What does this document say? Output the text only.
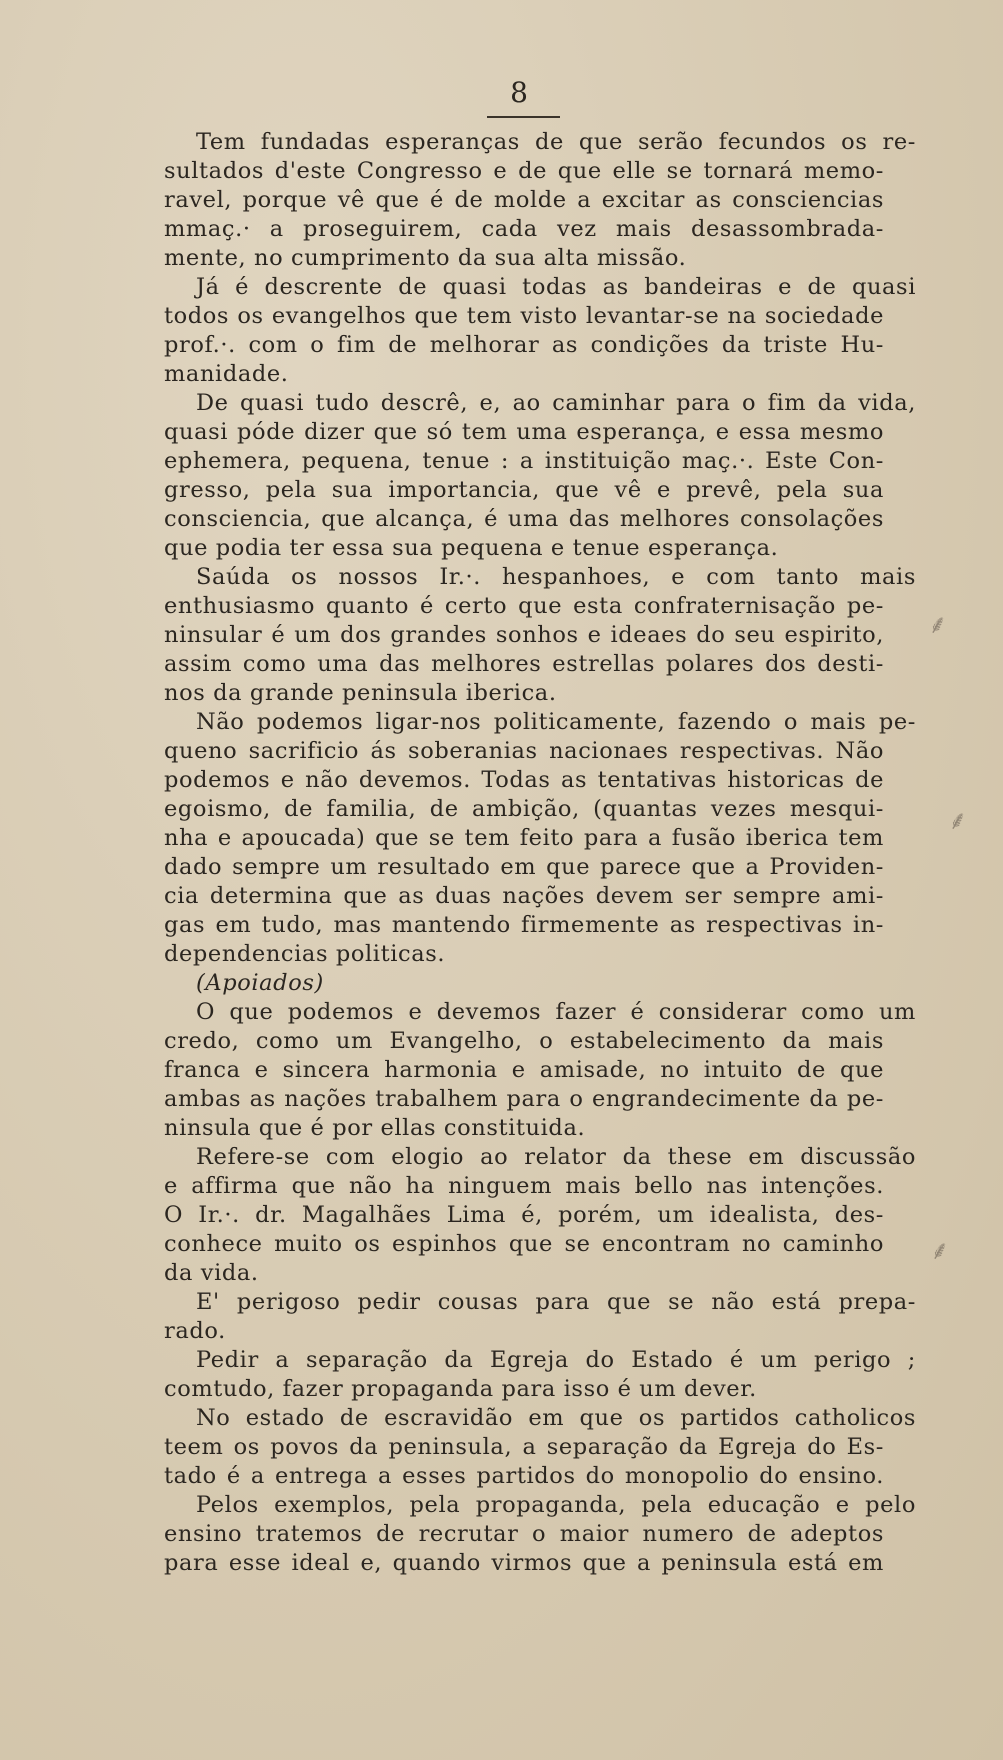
8
Tem fundadas esperanças de que serão fecundos os re-
sultados d'este Congresso e de que elle se tornará memo-
ravel, porque vê que é de molde a excitar as consciencias
mmaç.· a proseguirem, cada vez mais desassombrada-
mente, no cumprimento da sua alta missão.
Já é descrente de quasi todas as bandeiras e de quasi
todos os evangelhos que tem visto levantar-se na sociedade
prof.·. com o fim de melhorar as condições da triste Hu-
manidade.
De quasi tudo descrê, e, ao caminhar para o fim da vida,
quasi póde dizer que só tem uma esperança, e essa mesmo
ephemera, pequena, tenue : a instituição maç.·. Este Con-
gresso, pela sua importancia, que vê e prevê, pela sua
consciencia, que alcança, é uma das melhores consolações
que podia ter essa sua pequena e tenue esperança.
Saúda os nossos Ir.·. hespanhoes, e com tanto mais
enthusiasmo quanto é certo que esta confraternisação pe-
ninsular é um dos grandes sonhos e ideaes do seu espirito,
assim como uma das melhores estrellas polares dos desti-
nos da grande peninsula iberica.
Não podemos ligar-nos politicamente, fazendo o mais pe-
queno sacrificio ás soberanias nacionaes respectivas. Não
podemos e não devemos. Todas as tentativas historicas de
egoismo, de familia, de ambição, (quantas vezes mesqui-
nha e apoucada) que se tem feito para a fusão iberica tem
dado sempre um resultado em que parece que a Providen-
cia determina que as duas nações devem ser sempre ami-
gas em tudo, mas mantendo firmemente as respectivas in-
dependencias politicas.
(Apoiados)
O que podemos e devemos fazer é considerar como um
credo, como um Evangelho, o estabelecimento da mais
franca e sincera harmonia e amisade, no intuito de que
ambas as nações trabalhem para o engrandecimente da pe-
ninsula que é por ellas constituida.
Refere-se com elogio ao relator da these em discussão
e affirma que não ha ninguem mais bello nas intenções.
O Ir.·. dr. Magalhães Lima é, porém, um idealista, des-
conhece muito os espinhos que se encontram no caminho
da vida.
E' perigoso pedir cousas para que se não está prepa-
rado.
Pedir a separação da Egreja do Estado é um perigo ;
comtudo, fazer propaganda para isso é um dever.
No estado de escravidão em que os partidos catholicos
teem os povos da peninsula, a separação da Egreja do Es-
tado é a entrega a esses partidos do monopolio do ensino.
Pelos exemplos, pela propaganda, pela educação e pelo
ensino tratemos de recrutar o maior numero de adeptos
para esse ideal e, quando virmos que a peninsula está em
⸙
⸙
⸙
